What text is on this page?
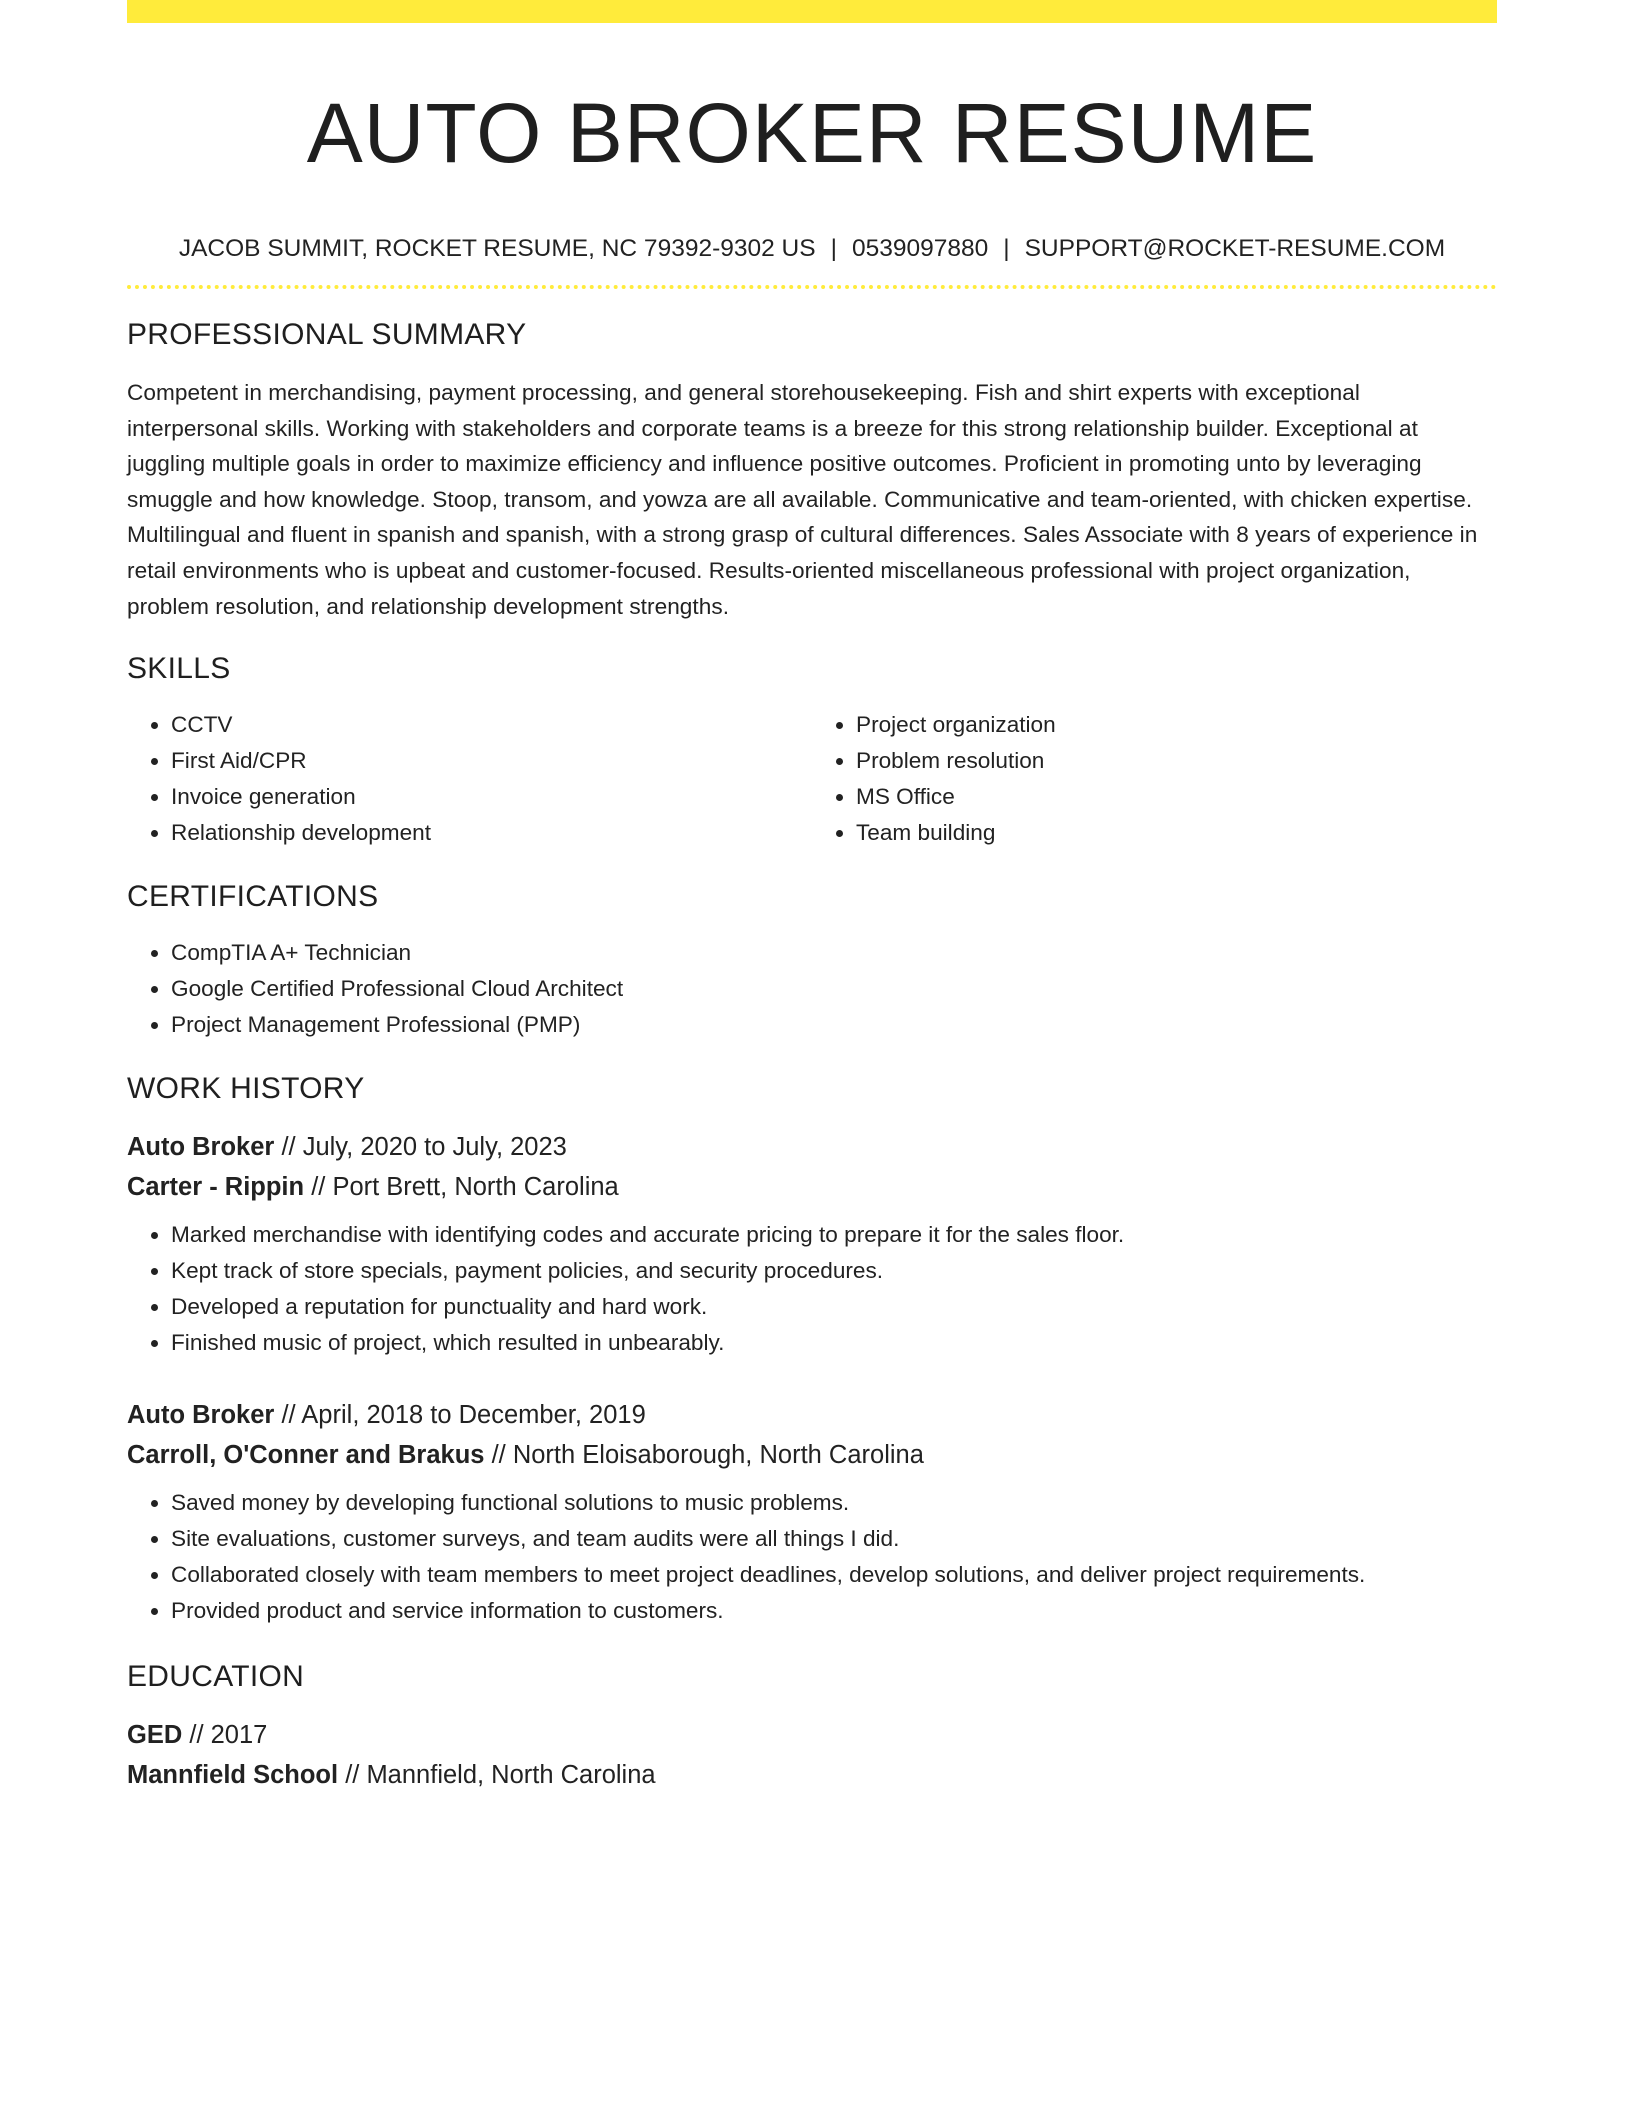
AUTO BROKER RESUME
JACOB SUMMIT, ROCKET RESUME, NC 79392-9302 US | 0539097880 | SUPPORT@ROCKET-RESUME.COM
PROFESSIONAL SUMMARY

Competent in merchandising, payment processing, and general storehousekeeping. Fish and shirt experts with exceptional interpersonal skills. Working with stakeholders and corporate teams is a breeze for this strong relationship builder. Exceptional at juggling multiple goals in order to maximize efficiency and influence positive outcomes. Proficient in promoting unto by leveraging smuggle and how knowledge. Stoop, transom, and yowza are all available. Communicative and team-oriented, with chicken expertise. Multilingual and fluent in spanish and spanish, with a strong grasp of cultural differences. Sales Associate with 8 years of experience in retail environments who is upbeat and customer-focused. Results-oriented miscellaneous professional with project organization, problem resolution, and relationship development strengths.

SKILLS
• CCTV
• First Aid/CPR
• Invoice generation
• Relationship development
• Project organization
• Problem resolution
• MS Office
• Team building
CERTIFICATIONS
• CompTIA A+ Technician
• Google Certified Professional Cloud Architect
• Project Management Professional (PMP)
WORK HISTORY
Auto Broker // July, 2020 to July, 2023
Carter - Rippin // Port Brett, North Carolina
• Marked merchandise with identifying codes and accurate pricing to prepare it for the sales floor.
• Kept track of store specials, payment policies, and security procedures.
• Developed a reputation for punctuality and hard work.
• Finished music of project, which resulted in unbearably.
Auto Broker // April, 2018 to December, 2019
Carroll, O'Conner and Brakus // North Eloisaborough, North Carolina
• Saved money by developing functional solutions to music problems.
• Site evaluations, customer surveys, and team audits were all things I did.
• Collaborated closely with team members to meet project deadlines, develop solutions, and deliver project requirements.
• Provided product and service information to customers.
EDUCATION
GED // 2017
Mannfield School // Mannfield, North Carolina
